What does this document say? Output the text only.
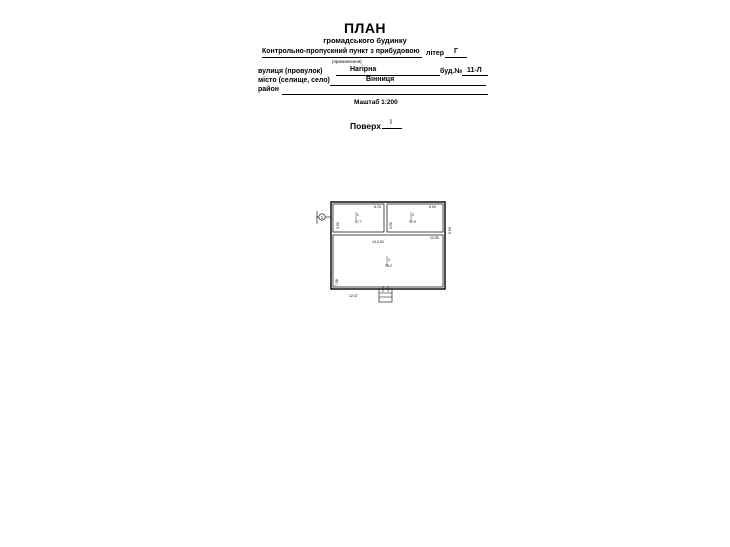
ПЛАН
громадського будинку
Контрольно-пропускний пункт з прибудовою
(призначення)
літер Г
вулиця (провулок)	Нагірна	буд.№ 11-Л
місто (селище, село)	Вінниця
район
Маштаб 1:200
Поверх I
1	1
17.7
2
17.9
3
76.2
6.76	5.04
14.3.00
12.09
12.47
3.90	3.90
5.60
7.98
